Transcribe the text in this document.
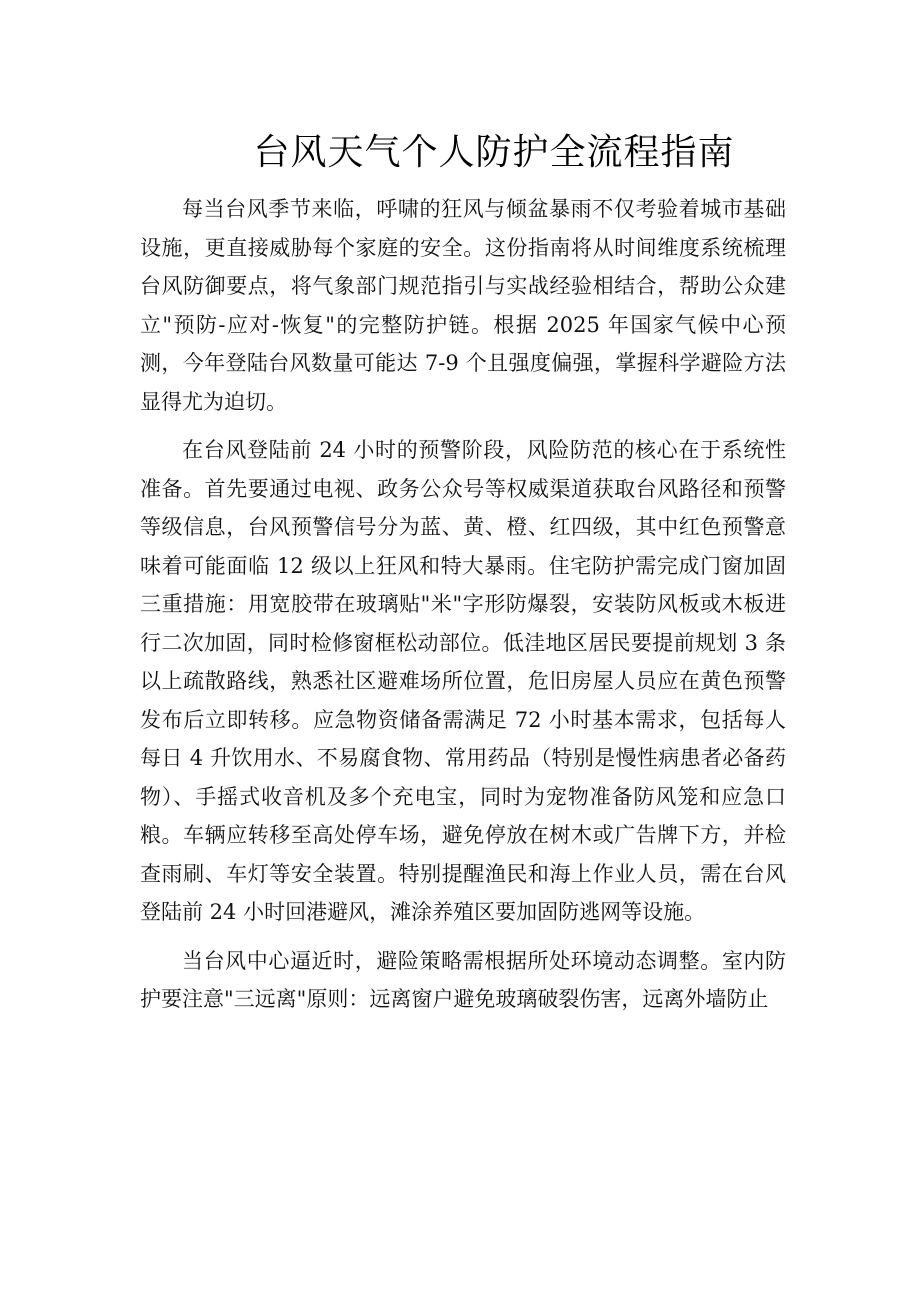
台风天气个人防护全流程指南

每当台风季节来临，呼啸的狂风与倾盆暴雨不仅考验着城市基础设施，更直接威胁每个家庭的安全。这份指南将从时间维度系统梳理台风防御要点，将气象部门规范指引与实战经验相结合，帮助公众建立"预防-应对-恢复"的完整防护链。根据 2025 年国家气候中心预测，今年登陆台风数量可能达 7-9 个且强度偏强，掌握科学避险方法显得尤为迫切。

在台风登陆前 24 小时的预警阶段，风险防范的核心在于系统性准备。首先要通过电视、政务公众号等权威渠道获取台风路径和预警等级信息，台风预警信号分为蓝、黄、橙、红四级，其中红色预警意味着可能面临 12 级以上狂风和特大暴雨。住宅防护需完成门窗加固三重措施：用宽胶带在玻璃贴"米"字形防爆裂，安装防风板或木板进行二次加固，同时检修窗框松动部位。低洼地区居民要提前规划 3 条以上疏散路线，熟悉社区避难场所位置，危旧房屋人员应在黄色预警发布后立即转移。应急物资储备需满足 72 小时基本需求，包括每人每日 4 升饮用水、不易腐食物、常用药品（特别是慢性病患者必备药物）、手摇式收音机及多个充电宝，同时为宠物准备防风笼和应急口粮。车辆应转移至高处停车场，避免停放在树木或广告牌下方，并检查雨刷、车灯等安全装置。特别提醒渔民和海上作业人员，需在台风登陆前 24 小时回港避风，滩涂养殖区要加固防逃网等设施。

当台风中心逼近时，避险策略需根据所处环境动态调整。室内防护要注意"三远离"原则：远离窗户避免玻璃破裂伤害，远离外墙防止
